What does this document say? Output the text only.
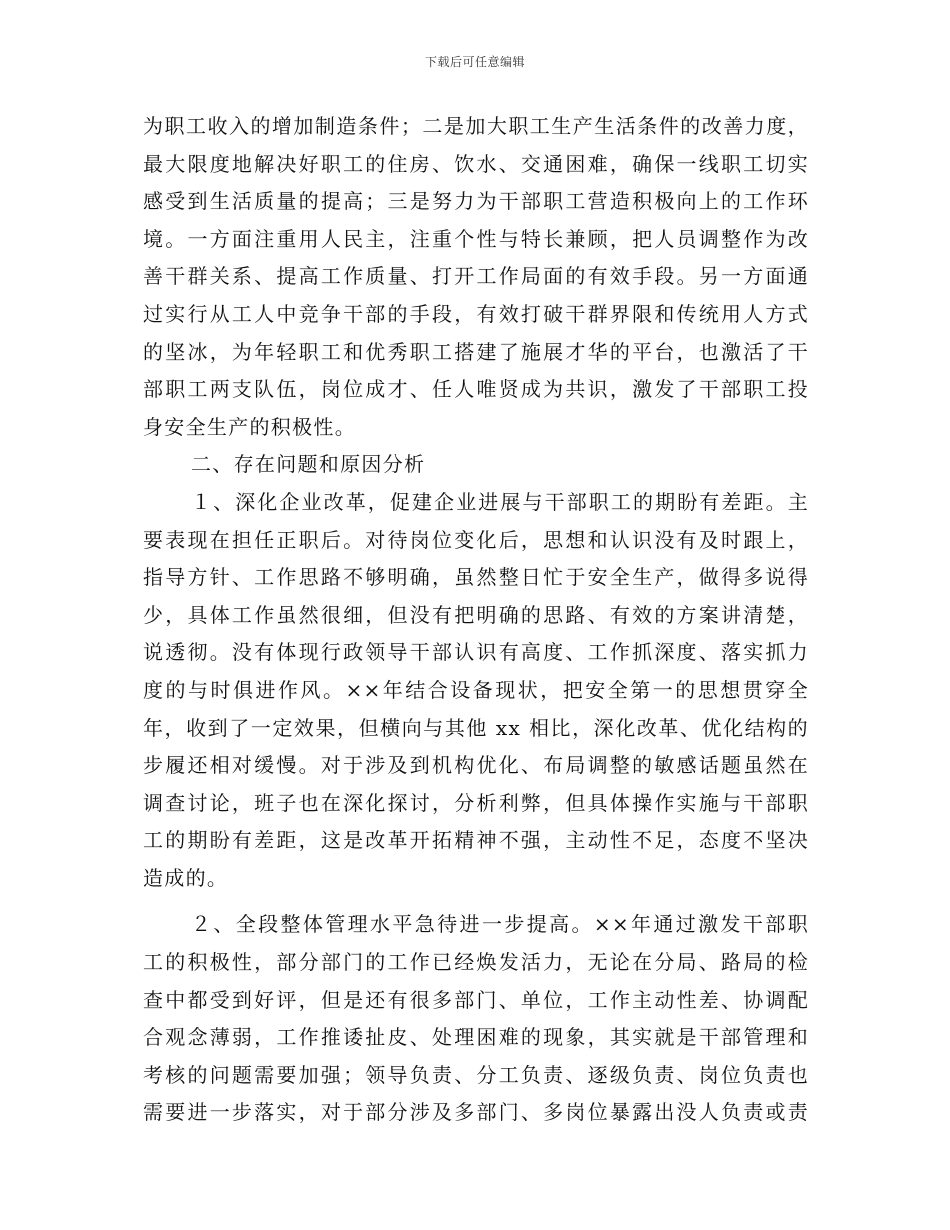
下载后可任意编辑
为职工收入的增加制造条件；二是加大职工生产生活条件的改善力度，
最大限度地解决好职工的住房、饮水、交通困难，确保一线职工切实
感受到生活质量的提高；三是努力为干部职工营造积极向上的工作环
境。一方面注重用人民主，注重个性与特长兼顾，把人员调整作为改
善干群关系、提高工作质量、打开工作局面的有效手段。另一方面通
过实行从工人中竞争干部的手段，有效打破干群界限和传统用人方式
的坚冰，为年轻职工和优秀职工搭建了施展才华的平台，也激活了干
部职工两支队伍，岗位成才、任人唯贤成为共识，激发了干部职工投
身安全生产的积极性。
二、存在问题和原因分析
１、深化企业改革，促建企业进展与干部职工的期盼有差距。主
要表现在担任正职后。对待岗位变化后，思想和认识没有及时跟上，
指导方针、工作思路不够明确，虽然整日忙于安全生产，做得多说得
少，具体工作虽然很细，但没有把明确的思路、有效的方案讲清楚，
说透彻。没有体现行政领导干部认识有高度、工作抓深度、落实抓力
度的与时俱进作风。××年结合设备现状，把安全第一的思想贯穿全
年，收到了一定效果，但横向与其他 xx 相比，深化改革、优化结构的
步履还相对缓慢。对于涉及到机构优化、布局调整的敏感话题虽然在
调查讨论，班子也在深化探讨，分析利弊，但具体操作实施与干部职
工的期盼有差距，这是改革开拓精神不强，主动性不足，态度不坚决
造成的。
２、全段整体管理水平急待进一步提高。××年通过激发干部职
工的积极性，部分部门的工作已经焕发活力，无论在分局、路局的检
查中都受到好评，但是还有很多部门、单位，工作主动性差、协调配
合观念薄弱，工作推诿扯皮、处理困难的现象，其实就是干部管理和
考核的问题需要加强；领导负责、分工负责、逐级负责、岗位负责也
需要进一步落实，对于部分涉及多部门、多岗位暴露出没人负责或责
